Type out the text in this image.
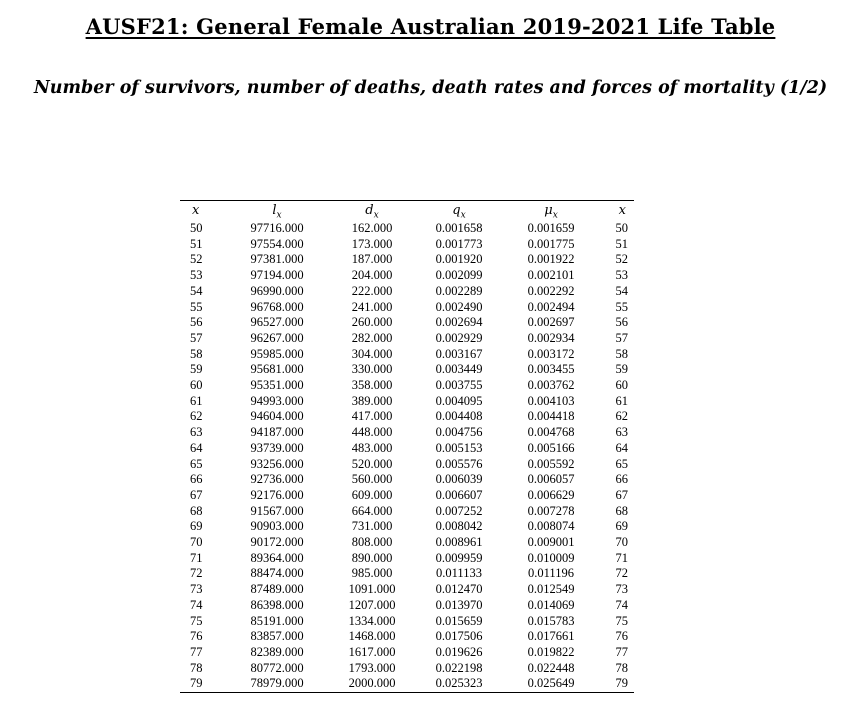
AUSF21: General Female Australian 2019-2021 Life Table
Number of survivors, number of deaths, death rates and forces of mortality (1/2)
x	$l_x$	$d_x$	$q_x$	$\mu_x$	x
50	97716.000	162.000	0.001658	0.001659	50
51	97554.000	173.000	0.001773	0.001775	51
52	97381.000	187.000	0.001920	0.001922	52
53	97194.000	204.000	0.002099	0.002101	53
54	96990.000	222.000	0.002289	0.002292	54
55	96768.000	241.000	0.002490	0.002494	55
56	96527.000	260.000	0.002694	0.002697	56
57	96267.000	282.000	0.002929	0.002934	57
58	95985.000	304.000	0.003167	0.003172	58
59	95681.000	330.000	0.003449	0.003455	59
60	95351.000	358.000	0.003755	0.003762	60
61	94993.000	389.000	0.004095	0.004103	61
62	94604.000	417.000	0.004408	0.004418	62
63	94187.000	448.000	0.004756	0.004768	63
64	93739.000	483.000	0.005153	0.005166	64
65	93256.000	520.000	0.005576	0.005592	65
66	92736.000	560.000	0.006039	0.006057	66
67	92176.000	609.000	0.006607	0.006629	67
68	91567.000	664.000	0.007252	0.007278	68
69	90903.000	731.000	0.008042	0.008074	69
70	90172.000	808.000	0.008961	0.009001	70
71	89364.000	890.000	0.009959	0.010009	71
72	88474.000	985.000	0.011133	0.011196	72
73	87489.000	1091.000	0.012470	0.012549	73
74	86398.000	1207.000	0.013970	0.014069	74
75	85191.000	1334.000	0.015659	0.015783	75
76	83857.000	1468.000	0.017506	0.017661	76
77	82389.000	1617.000	0.019626	0.019822	77
78	80772.000	1793.000	0.022198	0.022448	78
79	78979.000	2000.000	0.025323	0.025649	79
